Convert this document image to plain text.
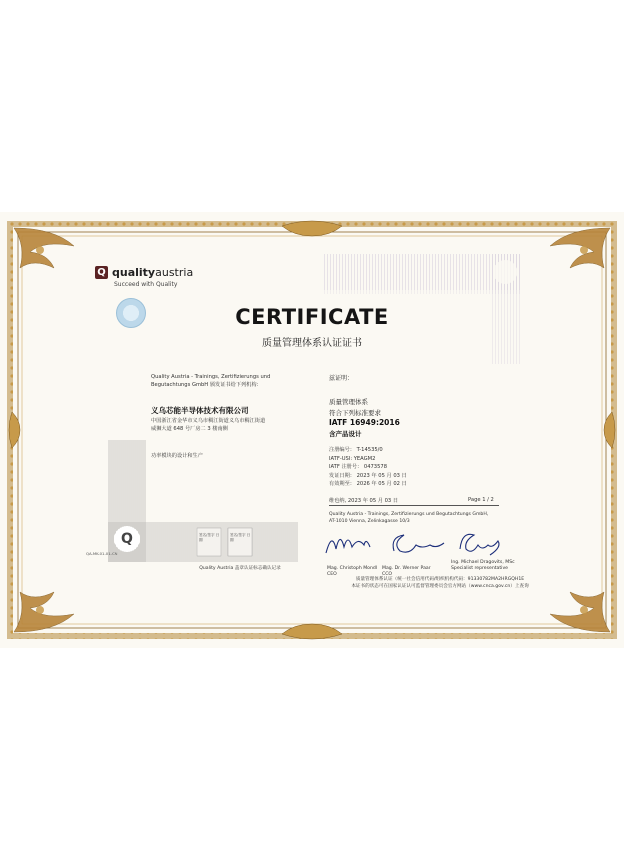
Q qualityaustria
Succeed with Quality
CERTIFICATE
质量管理体系认证证书
Quality Austria - Trainings, Zertifizierungs und
Begutachtungs GmbH 颁发证书给下列机构：
义乌芯能半导体技术有限公司
中国浙江省金华市义乌市稠江街道义乌市稠江街道
威狮大道 648 号厂房二 3 楼南侧
功率模块的设计和生产
Q	签名/签字 日期
签名/签字 日期
QA-MK-01-01-CN
Quality Austria 盖章认证标志确认记录
兹证明：
质量管理体系
符合下列标准要求
IATF 16949:2016
含产品设计
注册编号： T-14535/0
IATF-USI: YEAGM2
IATF 注册号： 0473578
发证日期： 2023 年 05 月 03 日
有效期至： 2026 年 05 月 02 日
维也纳, 2023 年 05 月 03 日	Page 1 / 2
Quality Austria - Trainings, Zertifizierungs und Begutachtungs GmbH,
AT-1010 Vienna, Zelinkagasse 10/3
Mag. Christoph Mondl
CEO
Mag. Dr. Werner Paar
CCO
Ing. Michael Dragovits, MSc
Specialist representative
质量管理体系认证（统一社会信用代码/组织机构代码：91330782MA2HRGQH1E
本证书的状态可在国家认证认可监督管理委员会官方网站（www.cnca.gov.cn）上查询
